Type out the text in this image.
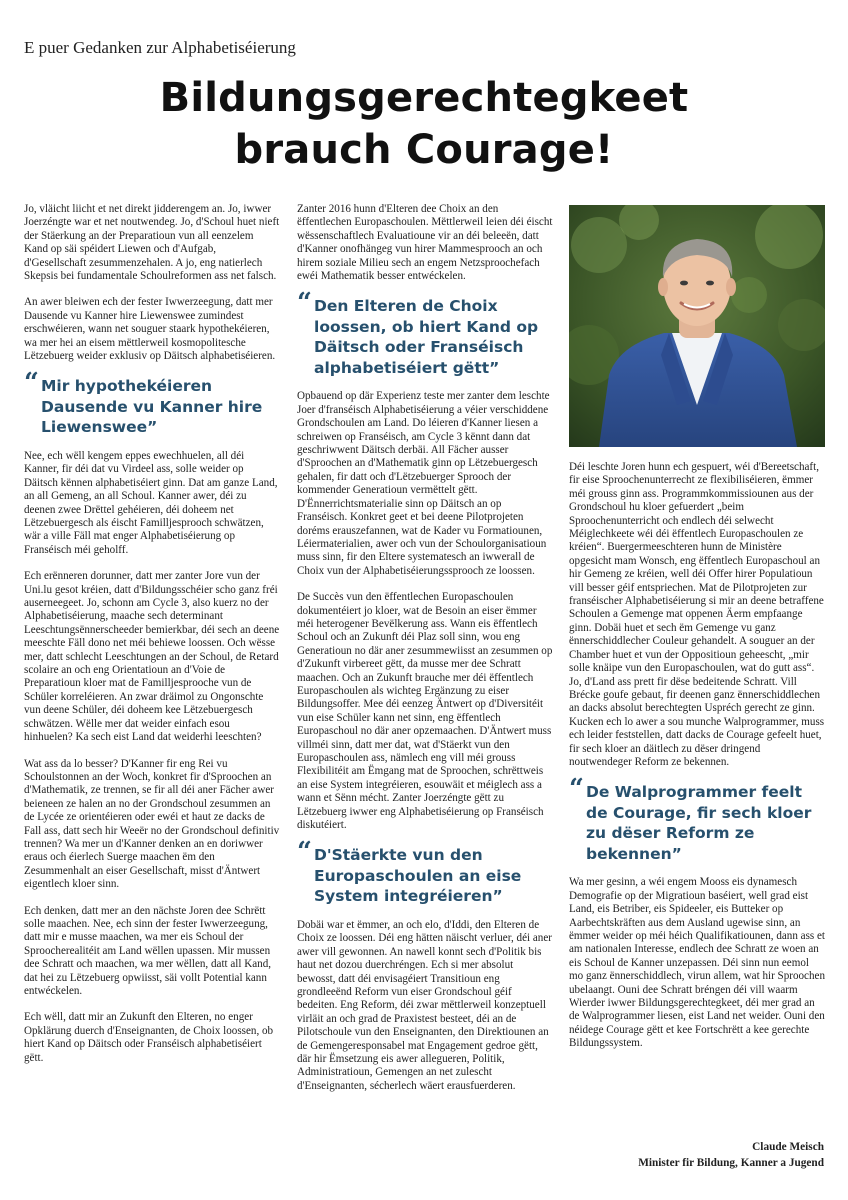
E puer Gedanken zur Alphabetiséierung
Bildungsgerechtegkeet
brauch Courage!

Jo, vläicht liicht et net direkt jidderengem an. Jo, iwwer Joerzéngte war et net noutwendeg. Jo, d'Schoul huet nieft der Stäerkung an der Preparatioun vun all eenzelem Kand op säi spéidert Liewen och d'Aufgab, d'Gesellschaft zesummenzehalen. A jo, eng natierlech Skepsis bei fundamentale Schoulreformen ass net falsch.

An awer bleiwen ech der fester Iwwerzeegung, datt mer Dausende vu Kanner hire Liewenswee zumindest erschwéieren, wann net souguer staark hypothekéieren, wa mer hei an eisem mëttlerweil kosmopolitesche Lëtzebuerg weider exklusiv op Däitsch alphabetiséieren.

“ Mir hypothekéieren Dausende vu Kanner hire Liewenswee”

Nee, ech wëll kengem eppes ewechhuelen, all déi Kanner, fir déi dat vu Virdeel ass, solle weider op Däitsch kënnen alphabetiséiert ginn. Dat am ganze Land, an all Gemeng, an all Schoul. Kanner awer, déi zu deenen zwee Drëttel gehéieren, déi doheem net Lëtzebuergesch als éischt Familljesprooch schwätzen, wär a ville Fäll mat enger Alphabetiséierung op Franséisch méi geholff.

Ech erënneren dorunner, datt mer zanter Jore vun der Uni.lu gesot kréien, datt d'Bildungsschéier scho ganz fréi auserneegeet. Jo, schonn am Cycle 3, also kuerz no der Alphabetiséierung, maache sech determinant Leeschtungsënnerscheeder bemierkbar, déi sech an deene meeschte Fäll dono net méi behiewe loossen. Och wësse mer, datt schlecht Leeschtungen an der Schoul, de Retard scolaire an och eng Orientatioun an d'Voie de Preparatioun kloer mat de Familljesprooche vun de Schüler korreléieren. An zwar dräimol zu Ongonschte vun deene Schüler, déi doheem kee Lëtzebuergesch schwätzen. Wëlle mer dat weider einfach esou hinhuelen? Ka sech eist Land dat weiderhi leeschten?

Wat ass da lo besser? D'Kanner fir eng Rei vu Schoulstonnen an der Woch, konkret fir d'Sproochen an d'Mathematik, ze trennen, se fir all déi aner Fächer awer beieneen ze halen an no der Grondschoul zesummen an de Lycée ze orientéieren oder ewéi et haut ze dacks de Fall ass, datt sech hir Weeër no der Grondschoul definitiv trennen? Wa mer un d'Kanner denken an en doriwwer eraus och éierlech Suerge maachen ëm den Zesummenhalt an eiser Gesellschaft, misst d'Äntwert eigentlech kloer sinn.

Ech denken, datt mer an den nächste Joren dee Schrëtt solle maachen. Nee, ech sinn der fester Iwwerzeegung, datt mir e musse maachen, wa mer eis Schoul der Sproocherealitéit am Land wëllen upassen. Mir mussen dee Schratt och maachen, wa mer wëllen, datt all Kand, dat hei zu Lëtzebuerg opwiisst, säi vollt Potential kann entwéckelen.

Ech wëll, datt mir an Zukunft den Elteren, no enger Opklärung duerch d'Enseignanten, de Choix loossen, ob hiert Kand op Däitsch oder Franséisch alphabetiséiert gëtt.

Zanter 2016 hunn d'Elteren dee Choix an den ëffentlechen Europaschoulen. Mëttlerweil leien déi éischt wëssenschaftlech Evaluatioune vir an déi beleeën, datt d'Kanner onofhängeg vun hirer Mammesprooch an och hirem soziale Milieu sech an engem Netzsproochefach ewéi Mathematik besser entwéckelen.

“ Den Elteren de Choix loossen, ob hiert Kand op Däitsch oder Franséisch alphabetiséiert gëtt”

Opbauend op där Experienz teste mer zanter dem leschte Joer d'franséisch Alphabetiséierung a véier verschiddene Grondschoulen am Land. Do léieren d'Kanner liesen a schreiwen op Franséisch, am Cycle 3 kënnt dann dat geschriwwent Däitsch derbäi. All Fächer ausser d'Sproochen an d'Mathematik ginn op Lëtzebuergesch gehalen, fir datt och d'Lëtzebuerger Sprooch der kommender Generatioun vermëttelt gëtt. D'Ënnerrichtsmaterialie sinn op Däitsch an op Franséisch. Konkret geet et bei deene Pilotprojeten doréms erauszefannen, wat de Kader vu Formatiounen, Léiermaterialien, awer och vun der Schoulorganisatioun muss sinn, fir den Eltere systematesch an iwwerall de Choix vun der Alphabetiséierungssprooch ze loossen.

De Succès vun den ëffentlechen Europaschoulen dokumentéiert jo kloer, wat de Besoin an eiser ëmmer méi heterogener Bevëlkerung ass. Wann eis ëffentlech Schoul och an Zukunft déi Plaz soll sinn, wou eng Generatioun no där aner zesummewiisst an zesummen op d'Zukunft virbereet gëtt, da musse mer dee Schratt maachen. Och an Zukunft brauche mer déi ëffentlech Europaschoulen als wichteg Ergänzung zu eiser Bildungsoffer. Mee déi eenzeg Äntwert op d'Diversitéit vun eise Schüler kann net sinn, eng ëffentlech Europaschoul no där aner opzemaachen. D'Äntwert muss villméi sinn, datt mer dat, wat d'Stäerkt vun den Europaschoulen ass, nämlech eng vill méi grouss Flexibilitéit am Ëmgang mat de Sproochen, schrëttweis an eise System integréieren, esouwäit et méiglech ass a wann et Sënn mécht. Zanter Joerzéngte gëtt zu Lëtzebuerg iwwer eng Alphabetiséierung op Franséisch diskutéiert.

“ D'Stäerkte vun den Europaschoulen an eise System integréieren”

Dobäi war et ëmmer, an och elo, d'Iddi, den Elteren de Choix ze loossen. Déi eng hätten näischt verluer, déi aner awer vill gewonnen. An nawell konnt sech d'Politik bis haut net dozou duerchréngen. Ech si mer absolut bewosst, datt déi envisagéiert Transitioun eng grondleeënd Reform vun eiser Grondschoul géif bedeiten. Eng Reform, déi zwar mëttlerweil konzeptuell virläit an och grad de Praxistest besteet, déi an de Pilotschoule vun den Enseignanten, den Direktiounen an de Gemengeresponsabel mat Engagement gedroe gëtt, där hir Ëmsetzung eis awer allegueren, Politik, Administratioun, Gemengen an net zulescht d'Enseignanten, sécherlech wäert erausfuerderen.

Déi leschte Joren hunn ech gespuert, wéi d'Bereetschaft, fir eise Sproochenunterrecht ze flexibiliséieren, ëmmer méi grouss ginn ass. Programmkommissiounen aus der Grondschoul hu kloer gefuerdert „beim Sproochenunterricht och endlech déi selwecht Méiglechkeete wéi déi ëffentlech Europaschoulen ze kréien“. Buergermeeschteren hunn de Ministère opgesicht mam Wonsch, eng ëffentlech Europaschoul an hir Gemeng ze kréien, well déi Offer hirer Populatioun vill besser géif entspriechen. Mat de Pilotprojeten zur franséischer Alphabetiséierung si mir an deene betraffene Schoulen a Gemenge mat oppenen Äerm empfaange ginn. Dobäi huet et sech ëm Gemenge vu ganz ënnerschiddlecher Couleur gehandelt. A souguer an der Chamber huet et vun der Oppositioun geheescht, „mir solle knäipe vun den Europaschoulen, wat do gutt ass“. Jo, d'Land ass prett fir dëse bedeitende Schratt. Vill Brécke goufe gebaut, fir deenen ganz ënnerschiddlechen an dacks absolut berechtegten Uspréch gerecht ze ginn. Kucken ech lo awer a sou munche Walprogrammer, muss ech leider feststellen, datt dacks de Courage gefeelt huet, fir sech kloer an däitlech zu dëser dringend noutwendeger Reform ze bekennen.

“ De Walprogrammer feelt de Courage, fir sech kloer zu dëser Reform ze bekennen”

Wa mer gesinn, a wéi engem Mooss eis dynamesch Demografie op der Migratioun baséiert, well grad eist Land, eis Betriber, eis Spideeler, eis Butteker op Aarbechtskräften aus dem Ausland ugewise sinn, an ëmmer weider op méi héich Qualifikatiounen, dann ass et am nationalen Interesse, endlech dee Schratt ze woen an eis Schoul de Kanner unzepassen. Déi sinn nun eemol mo ganz ënnerschiddlech, virun allem, wat hir Sproochen ubelaangt. Ouni dee Schratt bréngen déi vill waarm Wierder iwwer Bildungsgerechtegkeet, déi mer grad an de Walprogrammer liesen, eist Land net weider. Ouni den néidege Courage gëtt et kee Fortschrëtt a kee gerechte Bildungssystem.

Claude Meisch
Minister fir Bildung, Kanner a Jugend
